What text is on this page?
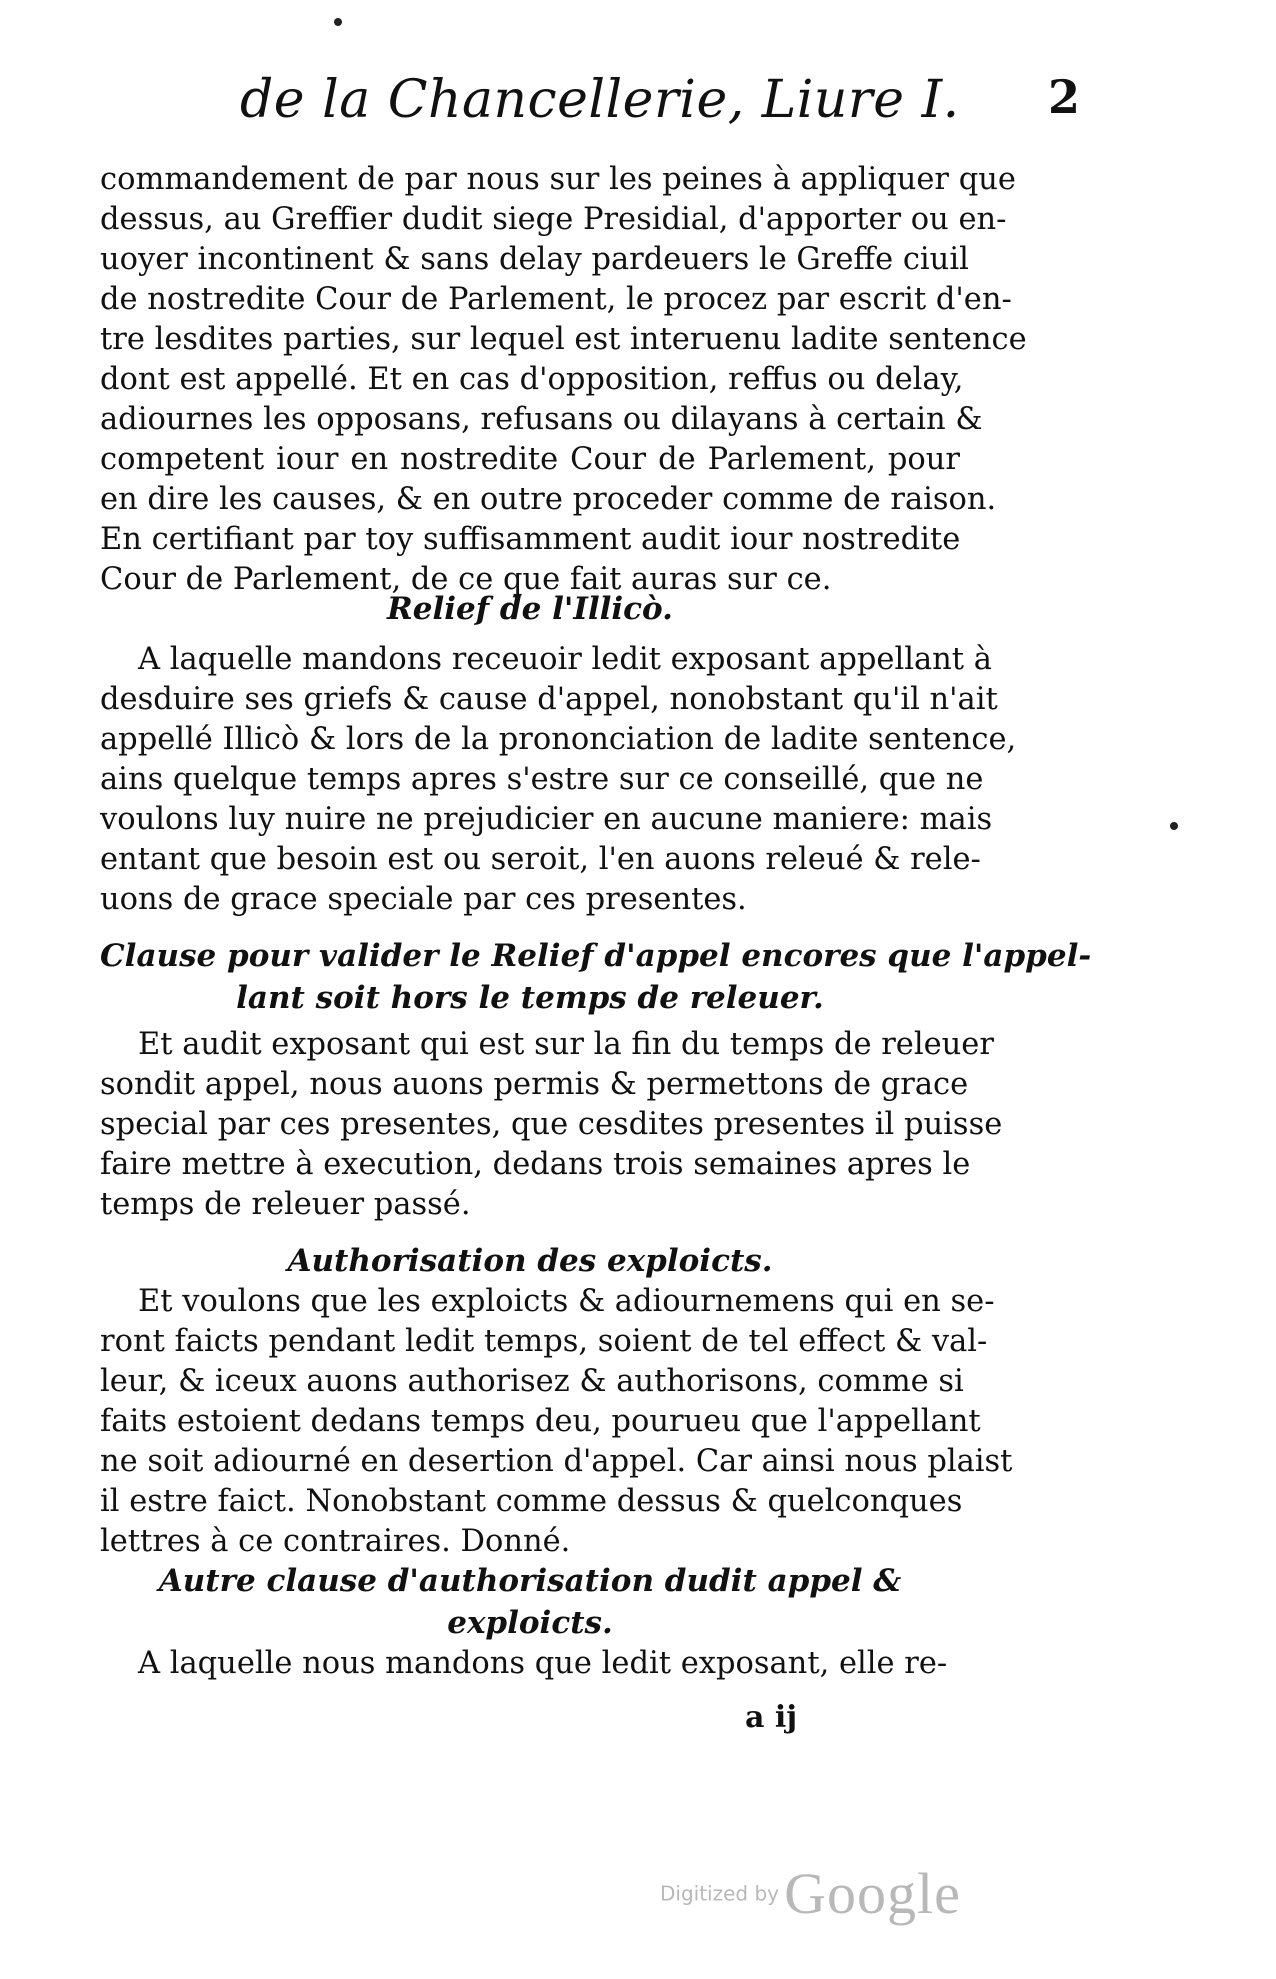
de la Chancellerie, Liure I. 2
commandement de par nous sur les peines à appliquer que
dessus, au Greffier dudit siege Presidial, d'apporter ou en-
uoyer incontinent & sans delay pardeuers le Greffe ciuil
de nostredite Cour de Parlement, le procez par escrit d'en-
tre lesdites parties, sur lequel est interuenu ladite sentence
dont est appellé. Et en cas d'opposition, reffus ou delay,
adiournes les opposans, refusans ou dilayans à certain &
competent iour en nostredite Cour de Parlement, pour
en dire les causes, & en outre proceder comme de raison.
En certifiant par toy suffisamment audit iour nostredite
Cour de Parlement, de ce que fait auras sur ce.
Relief de l'Illicò.
A laquelle mandons receuoir ledit exposant appellant à
desduire ses griefs & cause d'appel, nonobstant qu'il n'ait
appellé Illicò & lors de la prononciation de ladite sentence,
ains quelque temps apres s'estre sur ce conseillé, que ne
voulons luy nuire ne prejudicier en aucune maniere: mais
entant que besoin est ou seroit, l'en auons releué & rele-
uons de grace speciale par ces presentes.
Clause pour valider le Relief d'appel encores que l'appel-
lant soit hors le temps de releuer.
Et audit exposant qui est sur la fin du temps de releuer
sondit appel, nous auons permis & permettons de grace
special par ces presentes, que cesdites presentes il puisse
faire mettre à execution, dedans trois semaines apres le
temps de releuer passé.
Authorisation des exploicts.
Et voulons que les exploicts & adiournemens qui en se-
ront faicts pendant ledit temps, soient de tel effect & val-
leur, & iceux auons authorisez & authorisons, comme si
faits estoient dedans temps deu, pourueu que l'appellant
ne soit adiourné en desertion d'appel. Car ainsi nous plaist
il estre faict. Nonobstant comme dessus & quelconques
lettres à ce contraires. Donné.
Autre clause d'authorisation dudit appel &
exploicts.
A laquelle nous mandons que ledit exposant, elle re-
a ij
Digitized by Google
